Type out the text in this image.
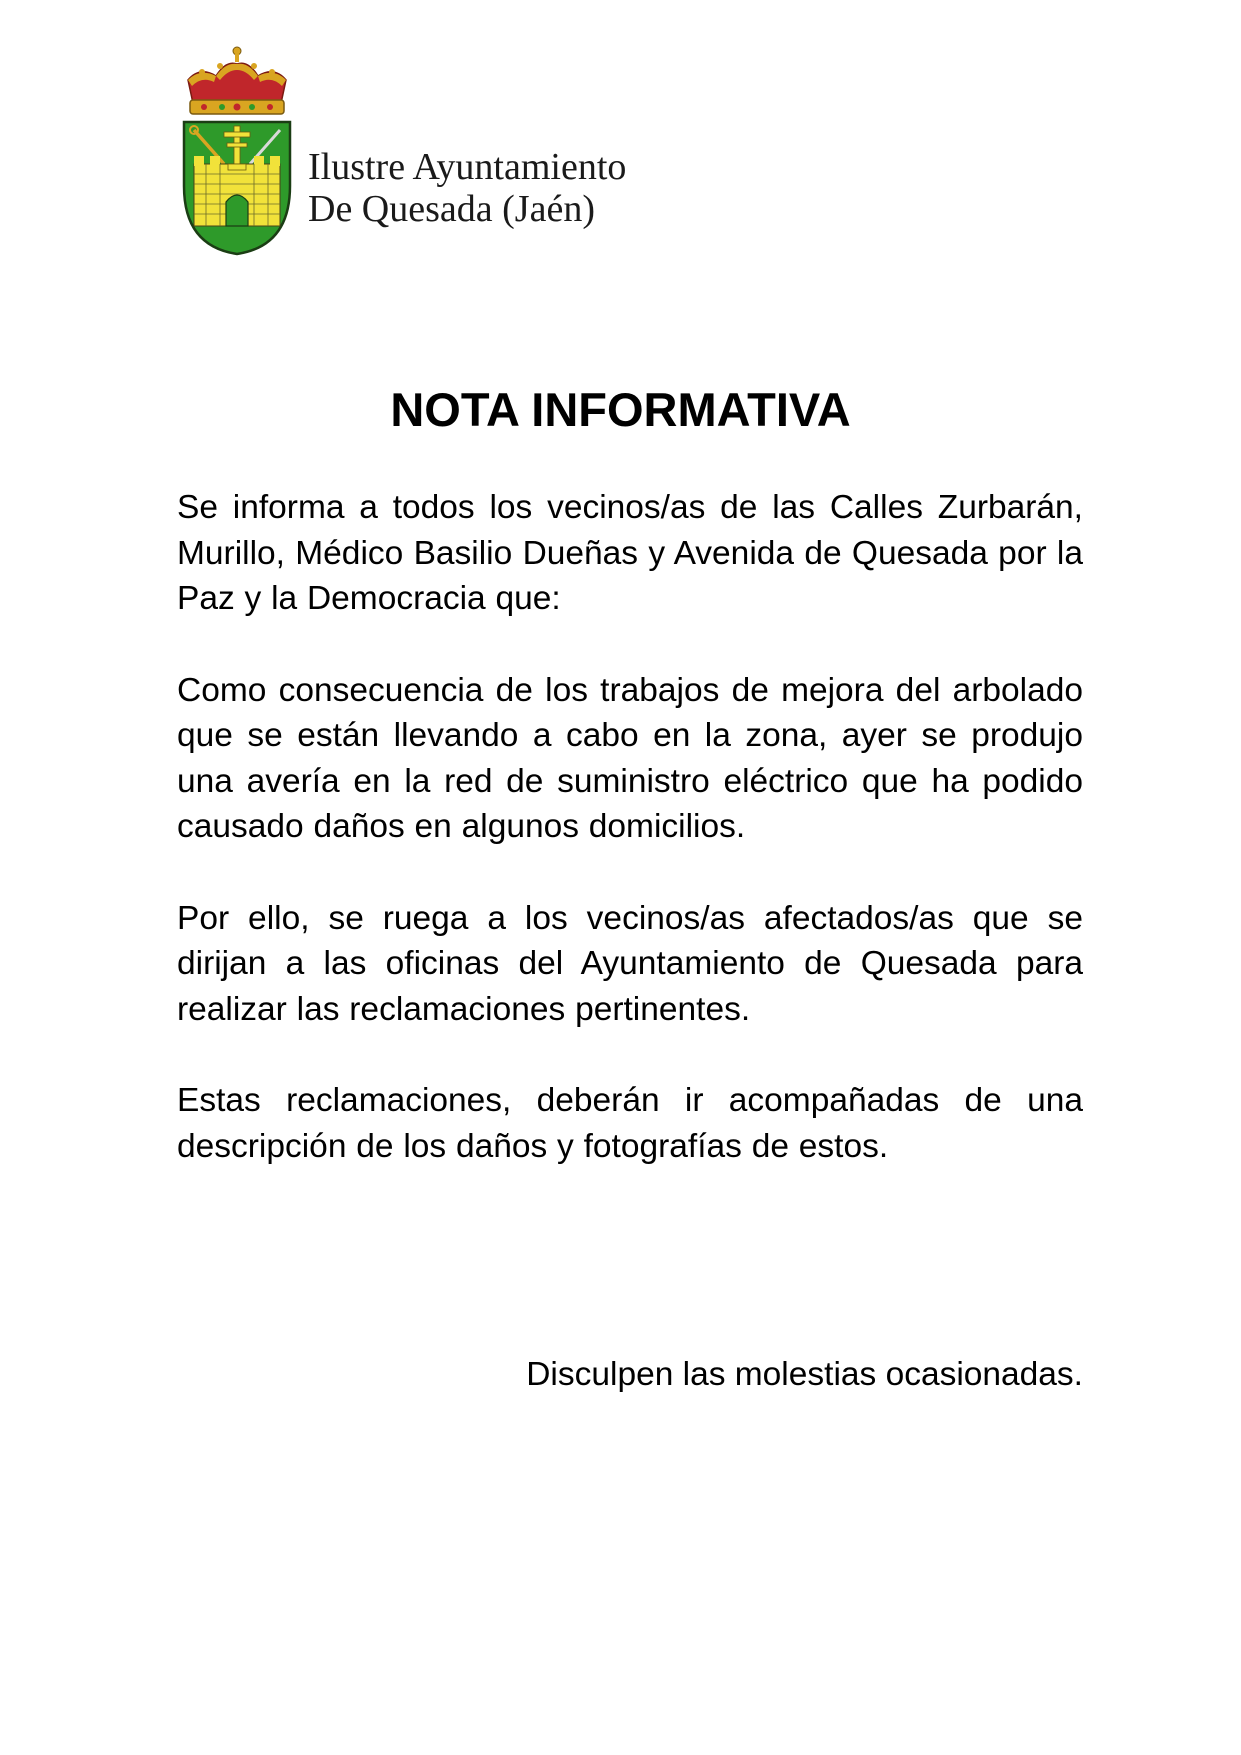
Ilustre Ayuntamiento
De Quesada (Jaén)
NOTA INFORMATIVA

Se informa a todos los vecinos/as de las Calles Zurbarán, Murillo, Médico Basilio Dueñas y Avenida de Quesada por la Paz y la Democracia que:

Como consecuencia de los trabajos de mejora del arbolado que se están llevando a cabo en la zona, ayer se produjo una avería en la red de suministro eléctrico que ha podido causado daños en algunos domicilios.

Por ello, se ruega a los vecinos/as afectados/as que se dirijan a las oficinas del Ayuntamiento de Quesada para realizar las reclamaciones pertinentes.

Estas reclamaciones, deberán ir acompañadas de una descripción de los daños y fotografías de estos.

Disculpen las molestias ocasionadas.
